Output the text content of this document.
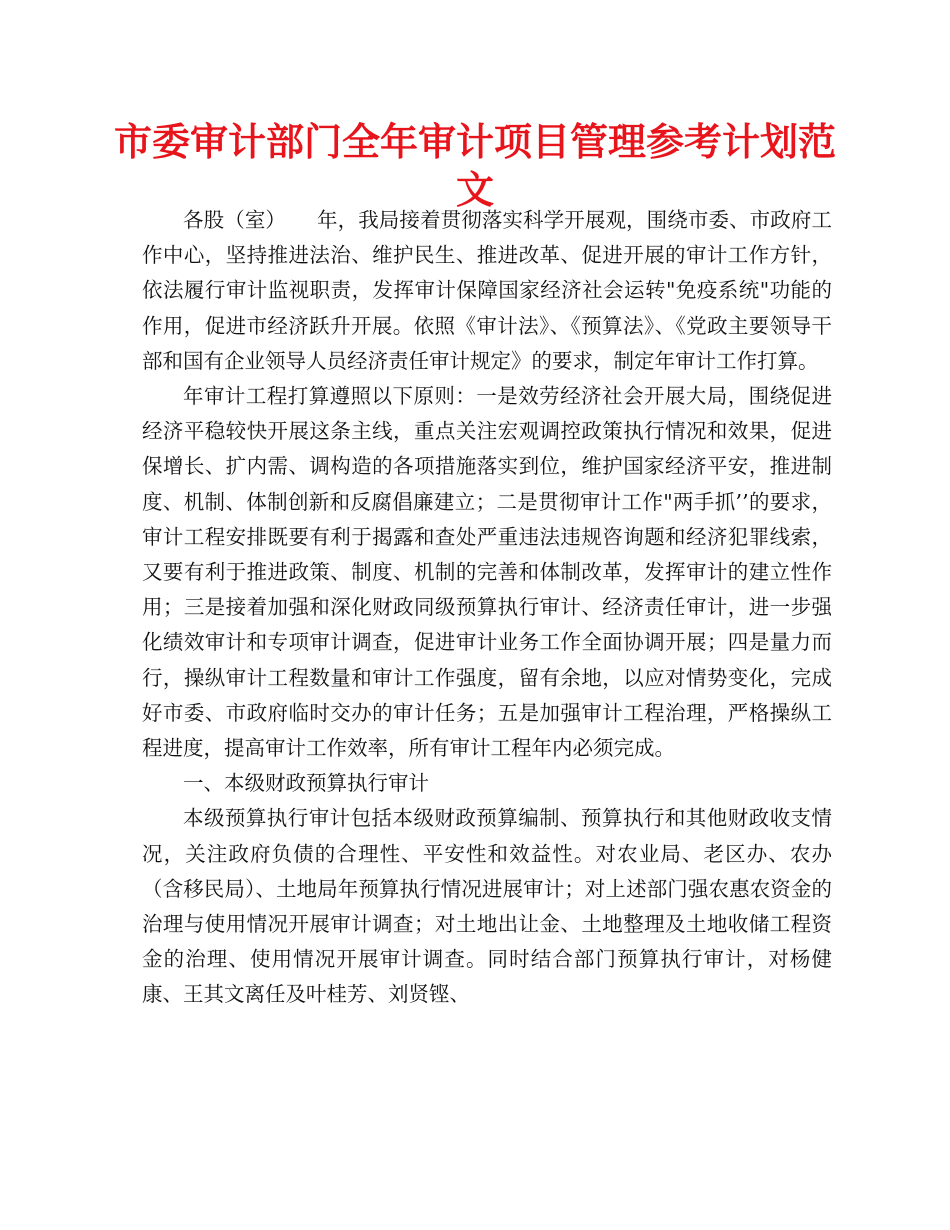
市委审计部门全年审计项目管理参考计划范文

各股（室）　　年，我局接着贯彻落实科学开展观，围绕市委、市政府工作中心，坚持推进法治、维护民生、推进改革、促进开展的审计工作方针，依法履行审计监视职责，发挥审计保障国家经济社会运转"免疫系统"功能的作用，促进市经济跃升开展。依照《审计法》、《预算法》、《党政主要领导干部和国有企业领导人员经济责任审计规定》的要求，制定年审计工作打算。

年审计工程打算遵照以下原则：一是效劳经济社会开展大局，围绕促进经济平稳较快开展这条主线，重点关注宏观调控政策执行情况和效果，促进保增长、扩内需、调构造的各项措施落实到位，维护国家经济平安，推进制度、机制、体制创新和反腐倡廉建立；二是贯彻审计工作"两手抓’’的要求，审计工程安排既要有利于揭露和查处严重违法违规咨询题和经济犯罪线索，又要有利于推进政策、制度、机制的完善和体制改革，发挥审计的建立性作用；三是接着加强和深化财政同级预算执行审计、经济责任审计，进一步强化绩效审计和专项审计调查，促进审计业务工作全面协调开展；四是量力而行，操纵审计工程数量和审计工作强度，留有余地，以应对情势变化，完成好市委、市政府临时交办的审计任务；五是加强审计工程治理，严格操纵工程进度，提高审计工作效率，所有审计工程年内必须完成。

一、本级财政预算执行审计

本级预算执行审计包括本级财政预算编制、预算执行和其他财政收支情况，关注政府负债的合理性、平安性和效益性。对农业局、老区办、农办（含移民局）、土地局年预算执行情况进展审计；对上述部门强农惠农资金的治理与使用情况开展审计调查；对土地出让金、土地整理及土地收储工程资金的治理、使用情况开展审计调查。同时结合部门预算执行审计，对杨健康、王其文离任及叶桂芳、刘贤铿、
